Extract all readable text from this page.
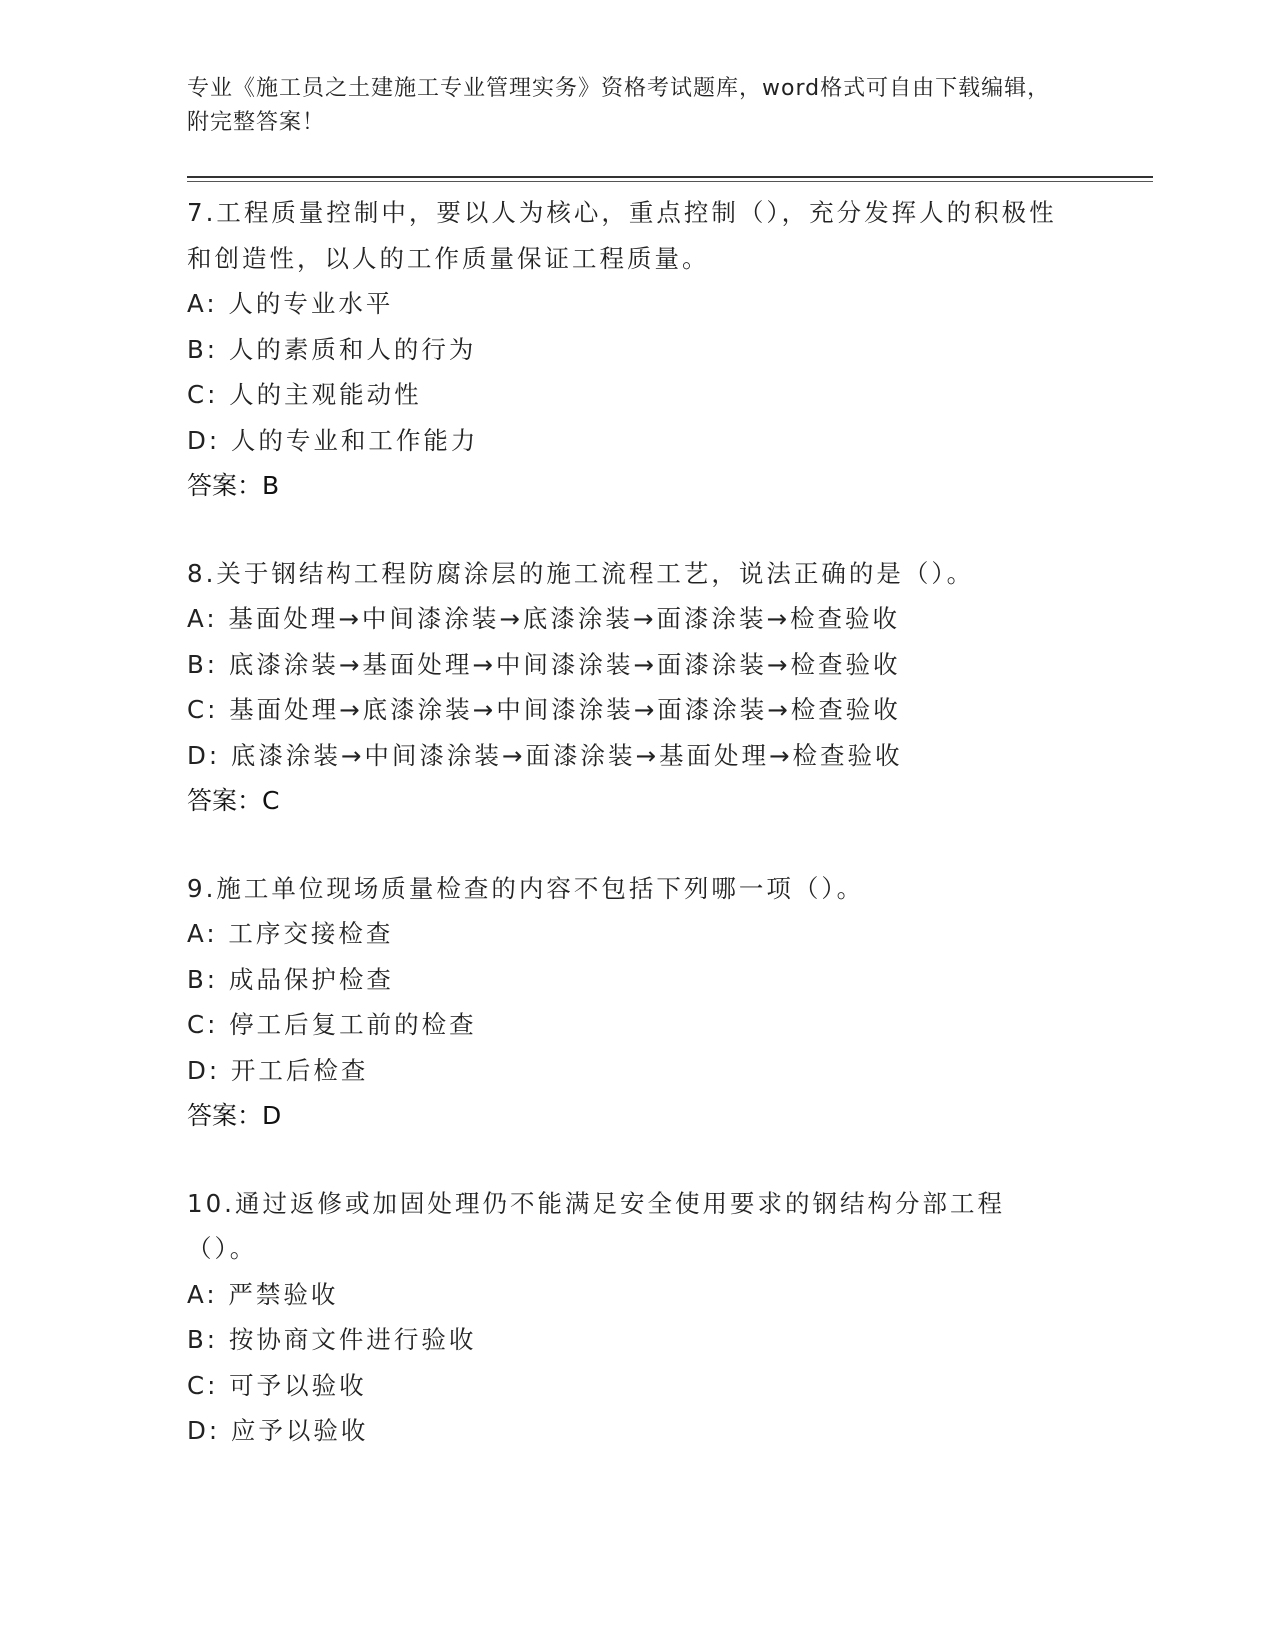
专业《施工员之土建施工专业管理实务》资格考试题库，word格式可自由下载编辑，附完整答案！
7.工程质量控制中，要以人为核心，重点控制（），充分发挥人的积极性和创造性，以人的工作质量保证工程质量。
A: 人的专业水平
B: 人的素质和人的行为
C: 人的主观能动性
D: 人的专业和工作能力
答案：B
8.关于钢结构工程防腐涂层的施工流程工艺，说法正确的是（）。
A: 基面处理→中间漆涂装→底漆涂装→面漆涂装→检查验收
B: 底漆涂装→基面处理→中间漆涂装→面漆涂装→检查验收
C: 基面处理→底漆涂装→中间漆涂装→面漆涂装→检查验收
D: 底漆涂装→中间漆涂装→面漆涂装→基面处理→检查验收
答案：C
9.施工单位现场质量检查的内容不包括下列哪一项（）。
A: 工序交接检查
B: 成品保护检查
C: 停工后复工前的检查
D: 开工后检查
答案：D
10.通过返修或加固处理仍不能满足安全使用要求的钢结构分部工程（）。
A: 严禁验收
B: 按协商文件进行验收
C: 可予以验收
D: 应予以验收
